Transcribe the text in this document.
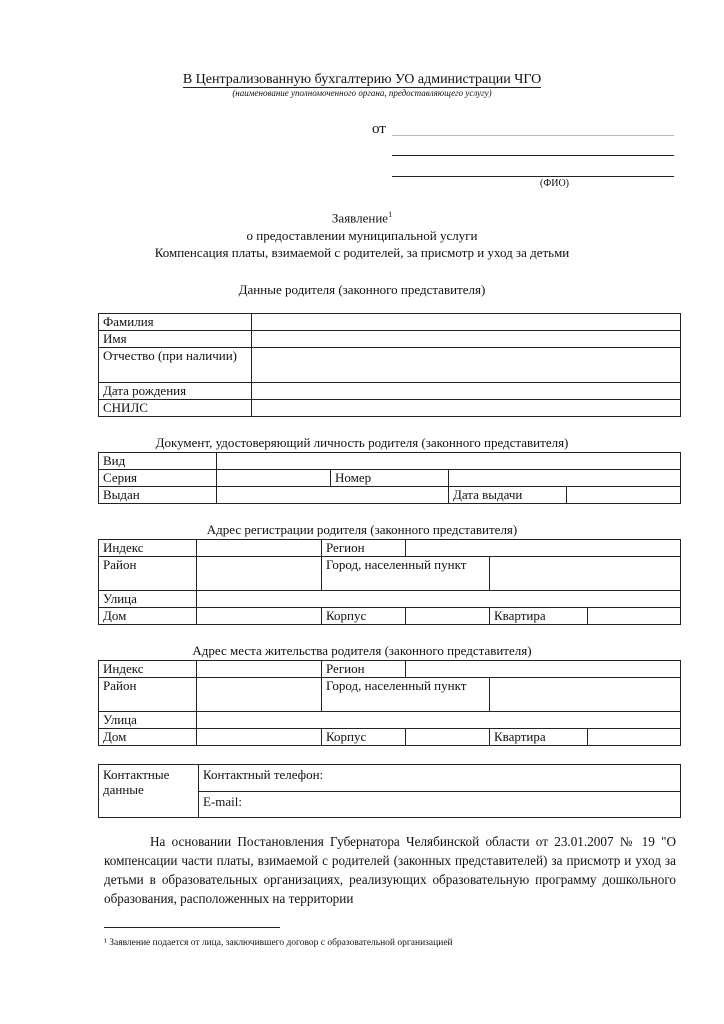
В Централизованную бухгалтерию УО администрации ЧГО
(наименование уполномоченного органа, предоставляющего услугу)
от
(ФИО)
Заявление$^1$
о предоставлении муниципальной услуги
Компенсация платы, взимаемой с родителей, за присмотр и уход за детьми
Данные родителя (законного представителя)
Фамилия	
Имя	
Отчество (при наличии)	
Дата рождения	
СНИЛС	
Документ, удостоверяющий личность родителя (законного представителя)
Вид				
Серия		Номер		
Выдан			Дата выдачи	
Адрес регистрации родителя (законного представителя)
Индекс		Регион			
Район		Город, населенный пункт			
Улица					
Дом		Корпус		Квартира	
Адрес места жительства родителя (законного представителя)
Индекс		Регион			
Район		Город, населенный пункт			
Улица					
Дом		Корпус		Квартира	
Контактные данные	Контактный телефон:
E-mail:
На основании Постановления Губернатора Челябинской области от 23.01.2007 № 19 "О компенсации части платы, взимаемой с родителей (законных представителей) за присмотр и уход за детьми в образовательных организациях, реализующих образовательную программу дошкольного образования, расположенных на территории
¹ Заявление подается от лица, заключившего договор с образовательной организацией
